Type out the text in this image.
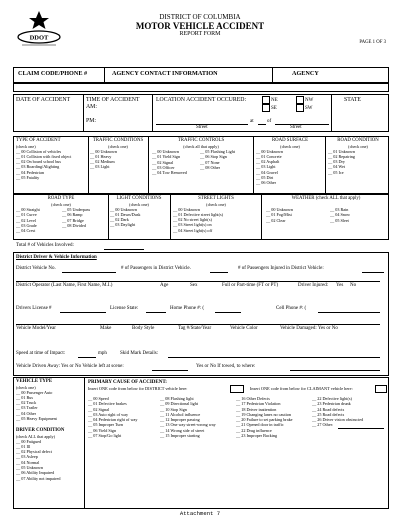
DDOT
DISTRICT OF COLUMBIA
MOTOR VEHICLE ACCIDENT
REPORT FORM
PAGE 1 OF 3
CLAIM CODE/PHONE #	AGENCY CONTACT INFORMATION	AGENCY
DATE OF ACCIDENT	TIME OF ACCIDENT
AM:
PM:
LOCATION ACCIDENT OCCURED:	NE	NW
SE	SW
STATE
at	of
Street	Street
TYPE OF ACCIDENT
(check one)
__ 00 Collision of vehicles
__ 01 Collision with fixed object
__ 02 On board school bus
__ 03 Boarding/Alighting
__ 04 Pedestrian
__ 05 Fatality
TRAFFIC CONDITIONS
(check one)
__ 00 Unknown
__ 01 Heavy
__ 02 Medium
__ 03 Light
TRAFFIC CONTROLS
(check all that apply)
__ 00 Unknown
__ 01 Yield Sign
__ 02 Signal
__ 03 Officer
__ 04 Tow Removed
__ 05 Flashing Light
__ 06 Stop Sign
__ 07 None
__ 08 Other
ROAD SURFACE
(check one)
__ 00 Unknown
__ 01 Concrete
__ 02 Asphalt
__ 03 Light
__ 04 Gravel
__ 05 Dirt
__ 06 Other
ROAD CONDITION
(check one)
__ 01 Unknown
__ 02 Repairing
__ 03 Dry
__ 04 Wet
__ 05 Ice
ROAD TYPE
(check one)
__ 00 Straight
__ 01 Curve
__ 02 Level
__ 03 Grade
__ 04 Crest
__ 05 Underpass
__ 06 Ramp
__ 07 Bridge
__ 08 Divided
LIGHT CONDITIONS
(check one)
__ 00 Unknown
__ 01 Dawn/Dusk
__ 02 Dark
__ 03 Daylight
STREET LIGHTS
(check one)
__ 00 Unknown
__ 01 Defective street light(s)
__ 02 No street light(s)
__ 03 Street light(s) on
__ 04 Street light(s) off
WEATHER (check ALL that apply)
__ 00 Unknown
__ 01 Fog/Mist
__ 02 Clear
__ 03 Rain
__ 04 Snow
__ 05 Sleet
Total # of Vehicles Involved:
District Driver & Vehicle Information
District Vehicle No.	# of Passengers in District Vehicle.	# of Passengers Injured in District Vehicle:
District Operator (Last Name, First Name, M.I.)	Age	Sex	Full or Part-time (FT or PT)	Driver Injured: Yes No
Drivers License #	License State:	Home Phone #: (	Cell Phone #: (
Vehicle Model/Year	Make	Body Style	Tag #/State/Year	Vehicle Color	Vehicle Damaged: Yes or No
Speed at time of Impact:	mph	Skid Mark Details:
Vehicle Driven Away: Yes or No Vehicle left at scene:	Yes or No If towed, to where:
VEHICLE TYPE
(check one)
__ 00 Passenger Auto
__ 01 Bus
__ 02 Truck
__ 03 Trailer
__ 04 Other
__ 05 Heavy Equipment
DRIVER CONDITION
(check ALL that apply)
__ 00 Fatigued
__ 01 Ill
__ 02 Physical defect
__ 03 Asleep
__ 04 Normal
__ 05 Unknown
__ 06 Ability Impaired
__ 07 Ability not impaired
PRIMARY CAUSE OF ACCIDENT:
Insert ONE code from below for DISTRICT vehicle here:	Insert ONE code from below for CLAIMANT vehicle here:
__ 00 Speed
__ 01 Defective brakes
__ 02 Signal
__ 03 Auto right of way
__ 04 Pedestrian right of way
__ 05 Improper Turn
__ 06 Yield Sign
__ 07 Stop/Go light
__ 08 Flashing light
__ 09 Directional light
__ 10 Stop Sign
__ 11 Alcohol influence
__ 12 Improper passing
__ 13 One way street-wrong way
__ 14 Wrong side of street
__ 15 Improper starting
__ 16 Other Defects
__ 17 Pedestrian Violation
__ 18 Driver inattention
__ 19 Changing lanes no caution
__ 20 Failure to set parking brake
__ 21 Opened door in traffic
__ 22 Drug influence
__ 23 Improper Backing
__ 22 Defective light(s)
__ 23 Pedestrian drunk
__ 24 Road defects
__ 25 Road defects
__ 26 Driver vision obstructed
__ 27 Other:
Attachment 7
